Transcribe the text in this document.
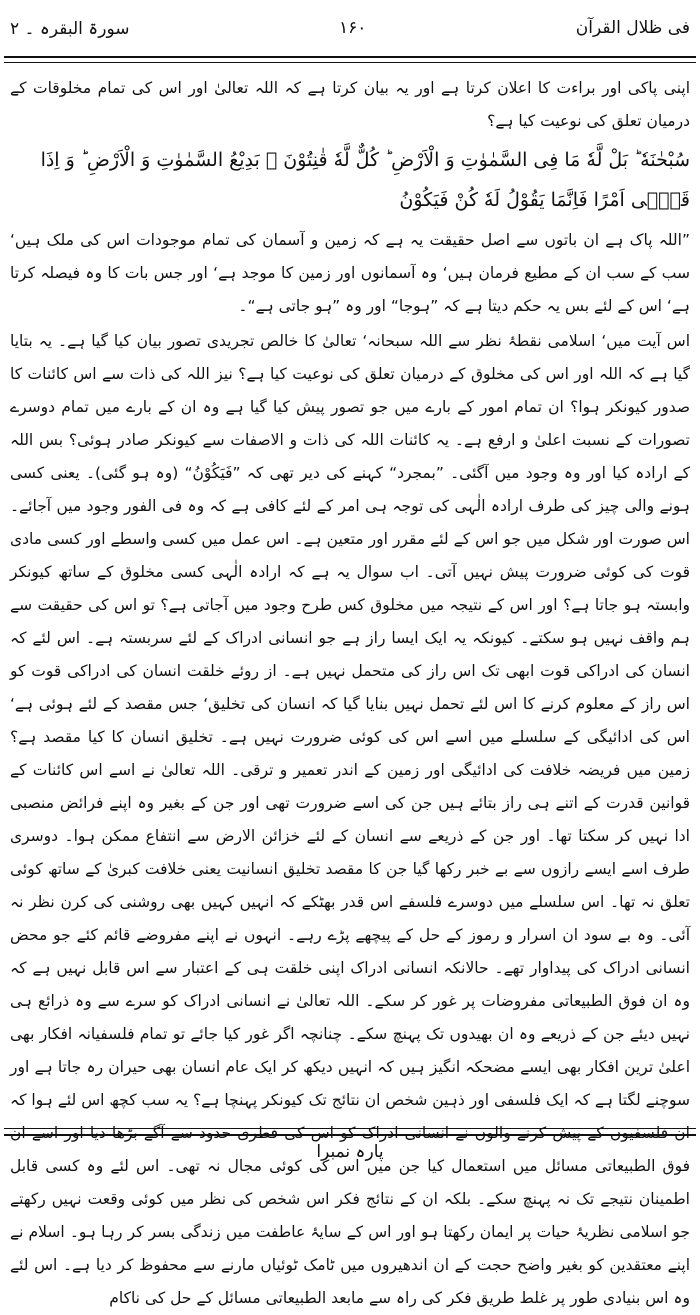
فی ظلال القرآن
۱۶۰
سورۃ البقرہ ۔ ۲

اپنی پاکی اور براءت کا اعلان کرتا ہے اور یہ بیان کرتا ہے کہ اللہ تعالیٰ اور اس کی تمام مخلوقات کے درمیان تعلق کی نوعیت کیا ہے؟

سُبْحٰنَهٗ ؕ بَلْ لَّهٗ مَا فِی السَّمٰوٰتِ وَ الْاَرْضِ ؕ كُلٌّ لَّهٗ قٰنِتُوْنَ ۞ بَدِیْعُ السَّمٰوٰتِ وَ الْاَرْضِ ؕ وَ اِذَا قَضٰۤی اَمْرًا فَاِنَّمَا یَقُوْلُ لَهٗ كُنْ فَیَكُوْنُ

”اللہ پاک ہے ان باتوں سے اصل حقیقت یہ ہے کہ زمین و آسمان کی تمام موجودات اس کی ملک ہیں‘ سب کے سب ان کے مطیع فرمان ہیں‘ وہ آسمانوں اور زمین کا موجد ہے‘ اور جس بات کا وہ فیصلہ کرتا ہے‘ اس کے لئے بس یہ حکم دیتا ہے کہ ”ہوجا“ اور وہ ”ہو جاتی ہے“۔

اس آیت میں‘ اسلامی نقطۂ نظر سے اللہ سبحانہ‘ تعالیٰ کا خالص تجریدی تصور بیان کیا گیا ہے۔ یہ بتایا گیا ہے کہ اللہ اور اس کی مخلوق کے درمیان تعلق کی نوعیت کیا ہے؟ نیز اللہ کی ذات سے اس کائنات کا صدور کیونکر ہوا؟ ان تمام امور کے بارے میں جو تصور پیش کیا گیا ہے وہ ان کے بارے میں تمام دوسرے تصورات کے نسبت اعلیٰ و ارفع ہے۔ یہ کائنات اللہ کی ذات و الاصفات سے کیونکر صادر ہوئی؟ بس اللہ کے ارادہ کیا اور وہ وجود میں آگئی۔ ”بمجرد“ کہنے کی دیر تھی کہ ”فَیَكُوْنُ“ (وہ ہو گئی)۔ یعنی کسی ہونے والی چیز کی طرف ارادہ الٰہی کی توجہ ہی امر کے لئے کافی ہے کہ وہ فی الفور وجود میں آجائے۔ اس صورت اور شکل میں جو اس کے لئے مقرر اور متعین ہے۔ اس عمل میں کسی واسطے اور کسی مادی قوت کی کوئی ضرورت پیش نہیں آتی۔ اب سوال یہ ہے کہ ارادہ الٰہی کسی مخلوق کے ساتھ کیونکر وابستہ ہو جاتا ہے؟ اور اس کے نتیجہ میں مخلوق کس طرح وجود میں آجاتی ہے؟ تو اس کی حقیقت سے ہم واقف نہیں ہو سکتے۔ کیونکہ یہ ایک ایسا راز ہے جو انسانی ادراک کے لئے سربستہ ہے۔ اس لئے کہ انسان کی ادراکی قوت ابھی تک اس راز کی متحمل نہیں ہے۔ از روئے خلقت انسان کی ادراکی قوت کو اس راز کے معلوم کرنے کا اس لئے تحمل نہیں بنایا گیا کہ انسان کی تخلیق‘ جس مقصد کے لئے ہوئی ہے‘ اس کی ادائیگی کے سلسلے میں اسے اس کی کوئی ضرورت نہیں ہے۔ تخلیق انسان کا کیا مقصد ہے؟ زمین میں فریضہ خلافت کی ادائیگی اور زمین کے اندر تعمیر و ترقی۔ اللہ تعالیٰ نے اسے اس کائنات کے قوانین قدرت کے اتنے ہی راز بتائے ہیں جن کی اسے ضرورت تھی اور جن کے بغیر وہ اپنے فرائض منصبی ادا نہیں کر سکتا تھا۔ اور جن کے ذریعے سے انسان کے لئے خزائن الارض سے انتفاع ممکن ہوا۔ دوسری طرف اسے ایسے رازوں سے بے خبر رکھا گیا جن کا مقصد تخلیق انسانیت یعنی خلافت کبریٰ کے ساتھ کوئی تعلق نہ تھا۔ اس سلسلے میں دوسرے فلسفے اس قدر بھٹکے کہ انہیں کہیں بھی روشنی کی کرن نظر نہ آئی۔ وہ بے سود ان اسرار و رموز کے حل کے پیچھے پڑے رہے۔ انہوں نے اپنے مفروضے قائم کئے جو محض انسانی ادراک کی پیداوار تھے۔ حالانکہ انسانی ادراک اپنی خلقت ہی کے اعتبار سے اس قابل نہیں ہے کہ وہ ان فوق الطبیعاتی مفروضات پر غور کر سکے۔ اللہ تعالیٰ نے انسانی ادراک کو سرے سے وہ ذرائع ہی نہیں دیئے جن کے ذریعے وہ ان بھیدوں تک پہنچ سکے۔ چنانچہ اگر غور کیا جائے تو تمام فلسفیانہ افکار بھی اعلیٰ ترین افکار بھی ایسے مضحکہ انگیز ہیں کہ انہیں دیکھ کر ایک عام انسان بھی حیران رہ جاتا ہے اور سوچنے لگتا ہے کہ ایک فلسفی اور ذہین شخص ان نتائج تک کیونکر پہنچا ہے؟ یہ سب کچھ اس لئے ہوا کہ ان فلسفیوں کے پیش کرنے والوں نے انسانی ادراک کو اس کی فطری حدود سے آگے بڑھا دیا اور اسے ان فوق الطبیعاتی مسائل میں استعمال کیا جن میں اس کی کوئی مجال نہ تھی۔ اس لئے وہ کسی قابل اطمینان نتیجے تک نہ پہنچ سکے۔ بلکہ ان کے نتائج فکر اس شخص کی نظر میں کوئی وقعت نہیں رکھتے جو اسلامی نظریۂ حیات پر ایمان رکھتا ہو اور اس کے سایۂ عاطفت میں زندگی بسر کر رہا ہو۔ اسلام نے اپنے معتقدین کو بغیر واضح حجت کے ان اندھیروں میں ٹامک ٹوئیاں مارنے سے محفوظ کر دیا ہے۔ اس لئے وہ اس بنیادی طور پر غلط طریق فکر کی راہ سے مابعد الطبیعاتی مسائل کے حل کی ناکام

پارہ نمبرا
